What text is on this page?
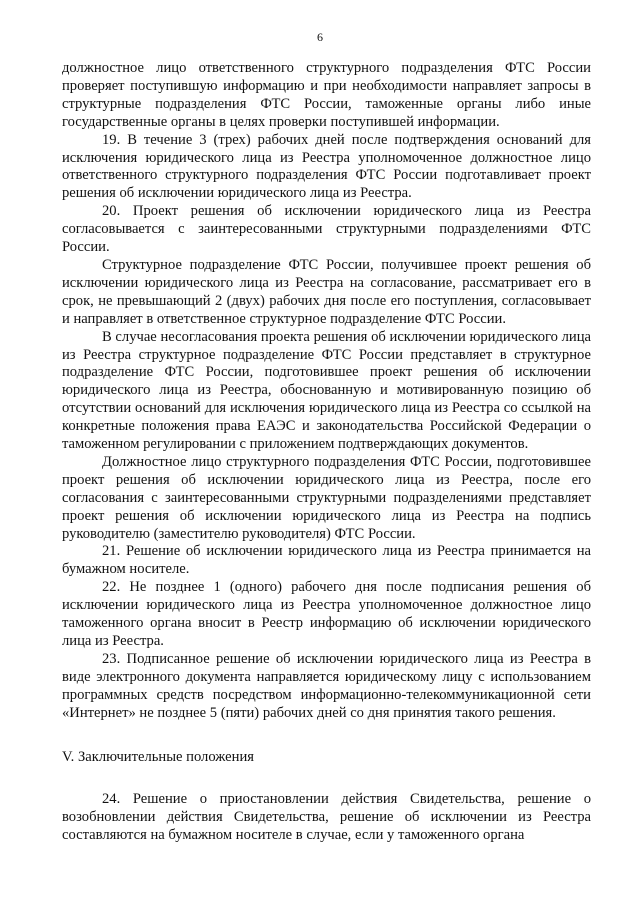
6

должностное лицо ответственного структурного подразделения ФТС России проверяет поступившую информацию и при необходимости направляет запросы в структурные подразделения ФТС России, таможенные органы либо иные государственные органы в целях проверки поступившей информации.

19. В течение 3 (трех) рабочих дней после подтверждения оснований для исключения юридического лица из Реестра уполномоченное должностное лицо ответственного структурного подразделения ФТС России подготавливает проект решения об исключении юридического лица из Реестра.

20. Проект решения об исключении юридического лица из Реестра согласовывается с заинтересованными структурными подразделениями ФТС России.

Структурное подразделение ФТС России, получившее проект решения об исключении юридического лица из Реестра на согласование, рассматривает его в срок, не превышающий 2 (двух) рабочих дня после его поступления, согласовывает и направляет в ответственное структурное подразделение ФТС России.

В случае несогласования проекта решения об исключении юридического лица из Реестра структурное подразделение ФТС России представляет в структурное подразделение ФТС России, подготовившее проект решения об исключении юридического лица из Реестра, обоснованную и мотивированную позицию об отсутствии оснований для исключения юридического лица из Реестра со ссылкой на конкретные положения права ЕАЭС и законодательства Российской Федерации о таможенном регулировании с приложением подтверждающих документов.

Должностное лицо структурного подразделения ФТС России, подготовившее проект решения об исключении юридического лица из Реестра, после его согласования с заинтересованными структурными подразделениями представляет проект решения об исключении юридического лица из Реестра на подпись руководителю (заместителю руководителя) ФТС России.

21. Решение об исключении юридического лица из Реестра принимается на бумажном носителе.

22. Не позднее 1 (одного) рабочего дня после подписания решения об исключении юридического лица из Реестра уполномоченное должностное лицо таможенного органа вносит в Реестр информацию об исключении юридического лица из Реестра.

23. Подписанное решение об исключении юридического лица из Реестра в виде электронного документа направляется юридическому лицу с использованием программных средств посредством информационно-телекоммуникационной сети «Интернет» не позднее 5 (пяти) рабочих дней со дня принятия такого решения.

V. Заключительные положения

24. Решение о приостановлении действия Свидетельства, решение о возобновлении действия Свидетельства, решение об исключении из Реестра составляются на бумажном носителе в случае, если у таможенного органа
